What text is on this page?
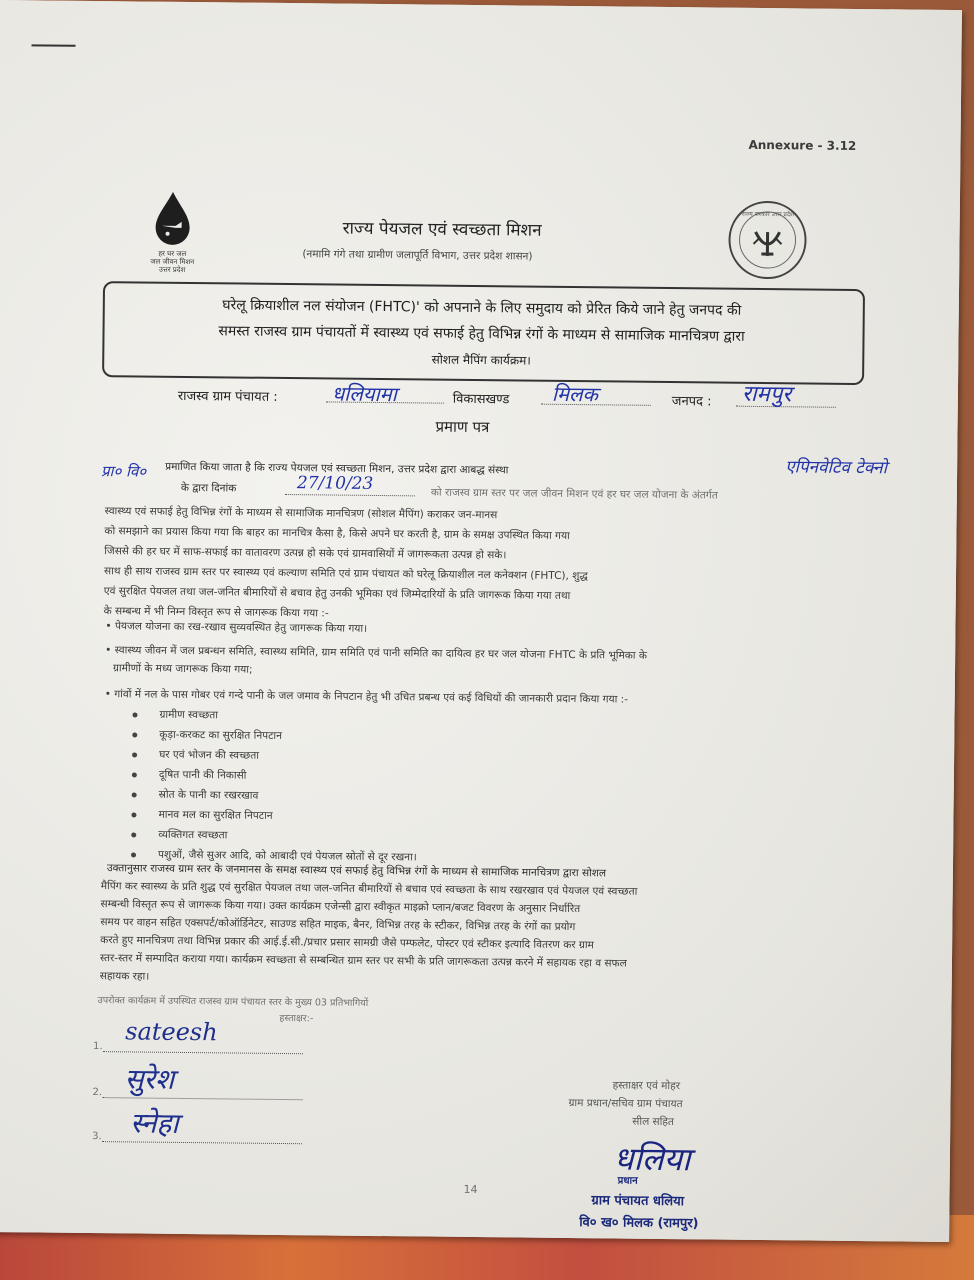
Annexure - 3.12
हर घर जल
जल जीवन मिशन
उत्तर प्रदेश
राज्य सरकार उत्तर प्रदेश
राज्य पेयजल एवं स्वच्छता मिशन
(नमामि गंगे तथा ग्रामीण जलापूर्ति विभाग, उत्तर प्रदेश शासन)
घरेलू क्रियाशील नल संयोजन (FHTC)' को अपनाने के लिए समुदाय को प्रेरित किये जाने हेतु जनपद की
समस्त राजस्व ग्राम पंचायतों में स्वास्थ्य एवं सफाई हेतु विभिन्न रंगों के माध्यम से सामाजिक मानचित्रण द्वारा
सोशल मैपिंग कार्यक्रम।
राजस्व ग्राम पंचायत :	धलियामा	विकासखण्ड मिलक	जनपद : रामपुर
प्रमाण पत्र
प्रा० वि० प्रमाणित किया जाता है कि राज्य पेयजल एवं स्वच्छता मिशन, उत्तर प्रदेश द्वारा आबद्ध संस्था	एपिनवेटिव टेक्नो
के द्वारा दिनांक	27/10/23
को राजस्व ग्राम स्तर पर जल जीवन मिशन एवं हर घर जल योजना के अंतर्गत
स्वास्थ्य एवं सफाई हेतु विभिन्न रंगों के माध्यम से सामाजिक मानचित्रण (सोशल मैपिंग) कराकर जन-मानस
को समझाने का प्रयास किया गया कि बाहर का मानचित्र कैसा है, किसे अपने घर करती है, ग्राम के समक्ष उपस्थित किया गया
जिससे की हर घर में साफ-सफाई का वातावरण उत्पन्न हो सके एवं ग्रामवासियों में जागरूकता उत्पन्न हो सके।
साथ ही साथ राजस्व ग्राम स्तर पर स्वास्थ्य एवं कल्याण समिति एवं ग्राम पंचायत को घरेलू क्रियाशील नल कनेक्शन (FHTC), शुद्ध
एवं सुरक्षित पेयजल तथा जल-जनित बीमारियों से बचाव हेतु उनकी भूमिका एवं जिम्मेदारियों के प्रति जागरूक किया गया तथा
के सम्बन्ध में भी निम्न विस्तृत रूप से जागरूक किया गया :-
• पेयजल योजना का रख-रखाव सुव्यवस्थित हेतु जागरूक किया गया।
• स्वास्थ्य जीवन में जल प्रबन्धन समिति, स्वास्थ्य समिति, ग्राम समिति एवं पानी समिति का दायित्व हर घर जल योजना FHTC के प्रति भूमिका के
ग्रामीणों के मध्य जागरूक किया गया;
• गांवों में नल के पास गोबर एवं गन्दे पानी के जल जमाव के निपटान हेतु भी उचित प्रबन्ध एवं कई विधियों की जानकारी प्रदान किया गया :-
ग्रामीण स्वच्छता
कूड़ा-करकट का सुरक्षित निपटान
घर एवं भोजन की स्वच्छता
दूषित पानी की निकासी
स्रोत के पानी का रखरखाव
मानव मल का सुरक्षित निपटान
व्यक्तिगत स्वच्छता
पशुओं, जैसे सुअर आदि, को आबादी एवं पेयजल स्रोतों से दूर रखना।
उक्तानुसार राजस्व ग्राम स्तर के जनमानस के समक्ष स्वास्थ्य एवं सफाई हेतु विभिन्न रंगों के माध्यम से सामाजिक मानचित्रण द्वारा सोशल
मैपिंग कर स्वास्थ्य के प्रति शुद्ध एवं सुरक्षित पेयजल तथा जल-जनित बीमारियों से बचाव एवं स्वच्छता के साथ रखरखाव एवं पेयजल एवं स्वच्छता
सम्बन्धी विस्तृत रूप से जागरूक किया गया। उक्त कार्यक्रम एजेन्सी द्वारा स्वीकृत माइक्रो प्लान/बजट विवरण के अनुसार निर्धारित
समय पर वाहन सहित एक्सपर्ट/कोऑर्डिनेटर, साउण्ड सहित माइक, बैनर, विभिन्न तरह के स्टीकर, विभिन्न तरह के रंगों का प्रयोग
करते हुए मानचित्रण तथा विभिन्न प्रकार की आई.ई.सी./प्रचार प्रसार सामग्री जैसे पम्फलेट, पोस्टर एवं स्टीकर इत्यादि वितरण कर ग्राम
स्तर-स्तर में सम्पादित कराया गया। कार्यक्रम स्वच्छता से सम्बन्धित ग्राम स्तर पर सभी के प्रति जागरूकता उत्पन्न करने में सहायक रहा व सफल
सहायक रहा।
उपरोक्त कार्यक्रम में उपस्थित राजस्व ग्राम पंचायत स्तर के मुख्य 03 प्रतिभागियों
हस्ताक्षर:-
1.
sateesh
2. सुरेश
3. स्नेहा
हस्ताक्षर एवं मोहर
ग्राम प्रधान/सचिव ग्राम पंचायत
सील सहित
धलिया
प्रधान
ग्राम पंचायत धलिया
वि० ख० मिलक (रामपुर)
14
